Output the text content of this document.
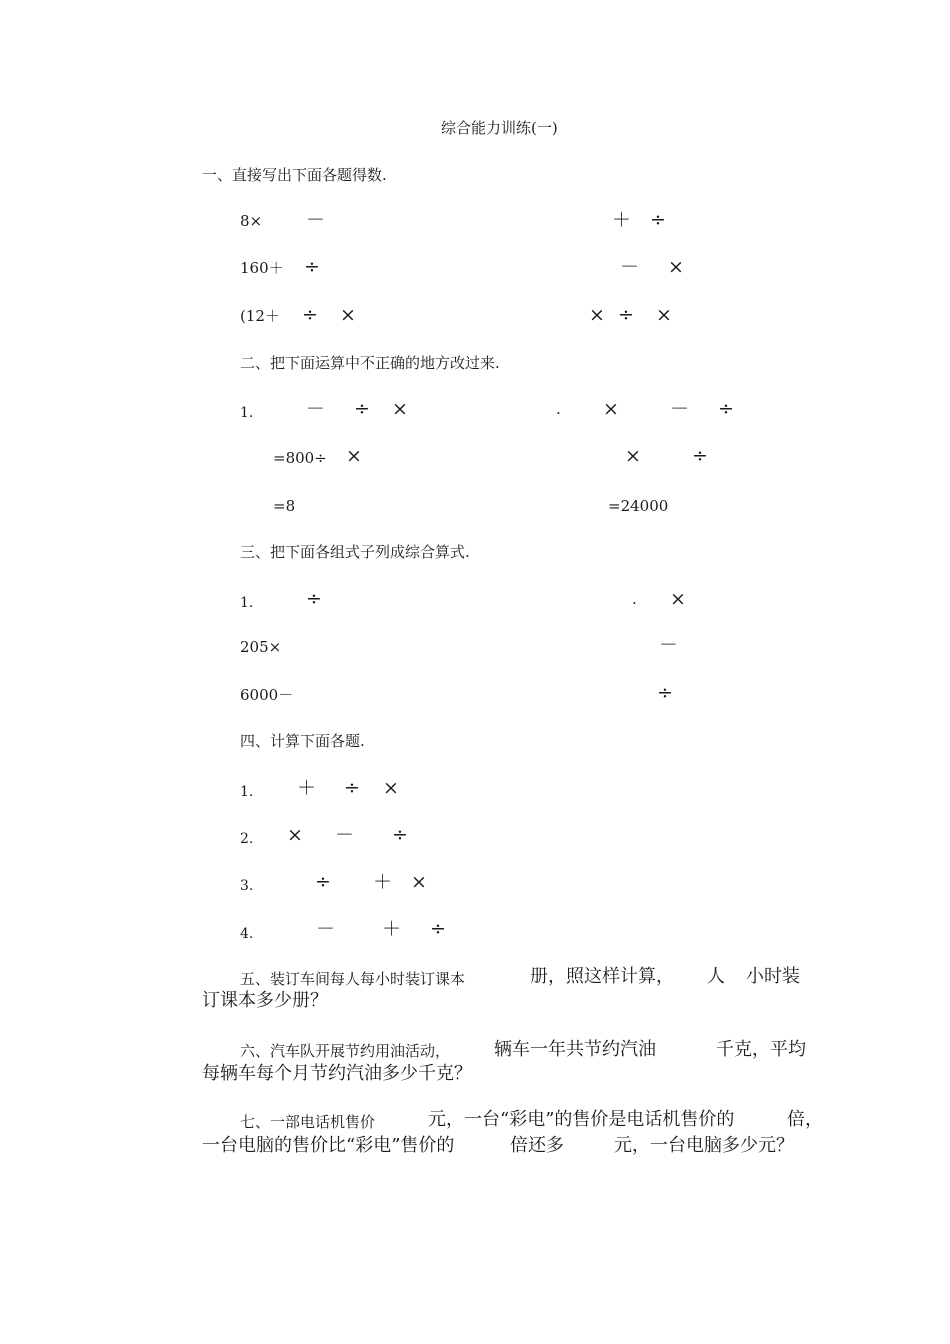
综合能力训练(一)
一、直接写出下面各题得数.
8× －	＋ ÷
160＋ ÷	－ ×
(12＋ ÷ ×	× ÷ ×
二、把下面运算中不正确的地方改过来.
1.	－ ÷ ×	. ×	－ ÷
=800÷ ×	×	÷
=8	=24000
三、把下面各组式子列成综合算式.
1.	÷	. ×
205×	－
6000－	÷
四、计算下面各题.
1. ＋ ÷ ×
2. × － ÷
3.	÷ ＋ ×
4.	－ ＋ ÷
五、装订车间每人每小时装订课本	册，照这样计算， 人 小时装
订课本多少册？
六、汽车队开展节约用油活动， 辆车一年共节约汽油	千克，平均
每辆车每个月节约汽油多少千克？
七、一部电话机售价	元，一台“彩电”的售价是电话机售价的	倍，
一台电脑的售价比“彩电”售价的	倍还多	元，一台电脑多少元？
